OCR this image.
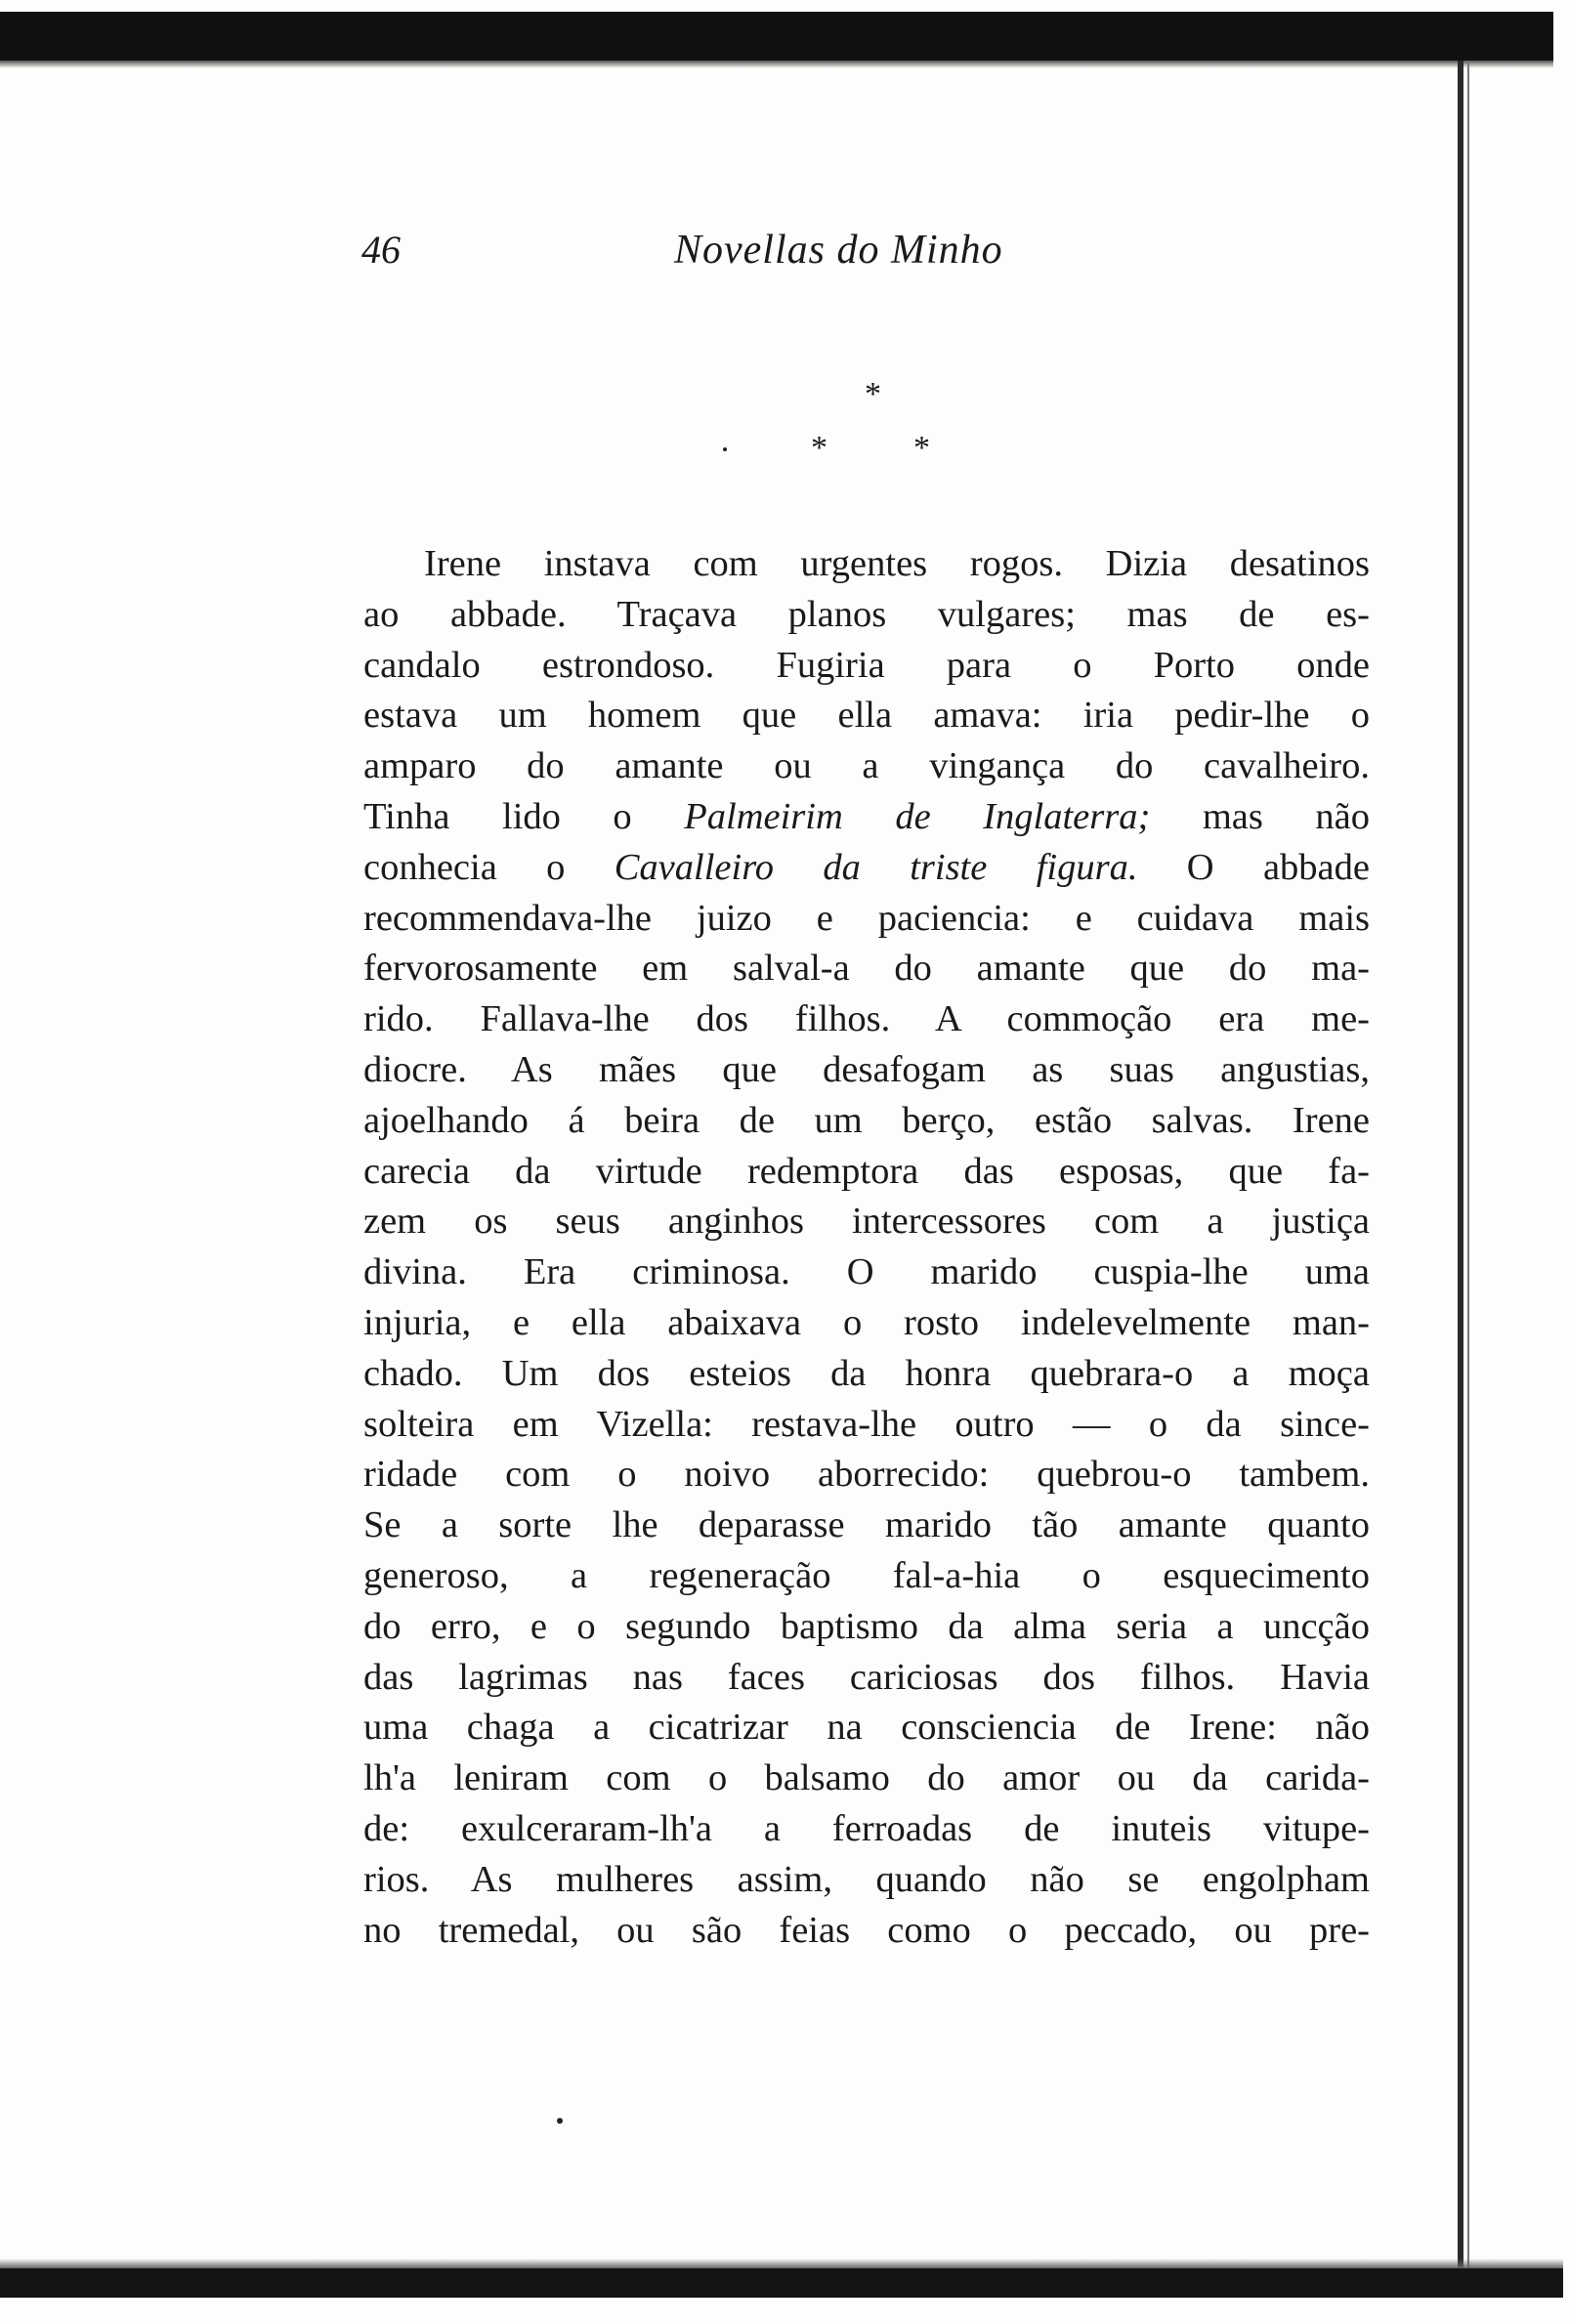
46	Novellas do Minho
*
*	*
Irene instava com urgentes rogos. Dizia desatinos
ao abbade. Traçava planos vulgares; mas de es-
candalo estrondoso. Fugiria para o Porto onde
estava um homem que ella amava: iria pedir-lhe o
amparo do amante ou a vingança do cavalheiro.
Tinha lido o Palmeirim de Inglaterra; mas não
conhecia o Cavalleiro da triste figura. O abbade
recommendava-lhe juizo e paciencia: e cuidava mais
fervorosamente em salval-a do amante que do ma-
rido. Fallava-lhe dos filhos. A commoção era me-
diocre. As mães que desafogam as suas angustias,
ajoelhando á beira de um berço, estão salvas. Irene
carecia da virtude redemptora das esposas, que fa-
zem os seus anginhos intercessores com a justiça
divina. Era criminosa. O marido cuspia-lhe uma
injuria, e ella abaixava o rosto indelevelmente man-
chado. Um dos esteios da honra quebrara-o a moça
solteira em Vizella: restava-lhe outro — o da since-
ridade com o noivo aborrecido: quebrou-o tambem.
Se a sorte lhe deparasse marido tão amante quanto
generoso, a regeneração fal-a-hia o esquecimento
do erro, e o segundo baptismo da alma seria a uncção
das lagrimas nas faces cariciosas dos filhos. Havia
uma chaga a cicatrizar na consciencia de Irene: não
lh'a leniram com o balsamo do amor ou da carida-
de: exulceraram-lh'a a ferroadas de inuteis vitupe-
rios. As mulheres assim, quando não se engolpham
no tremedal, ou são feias como o peccado, ou pre-
